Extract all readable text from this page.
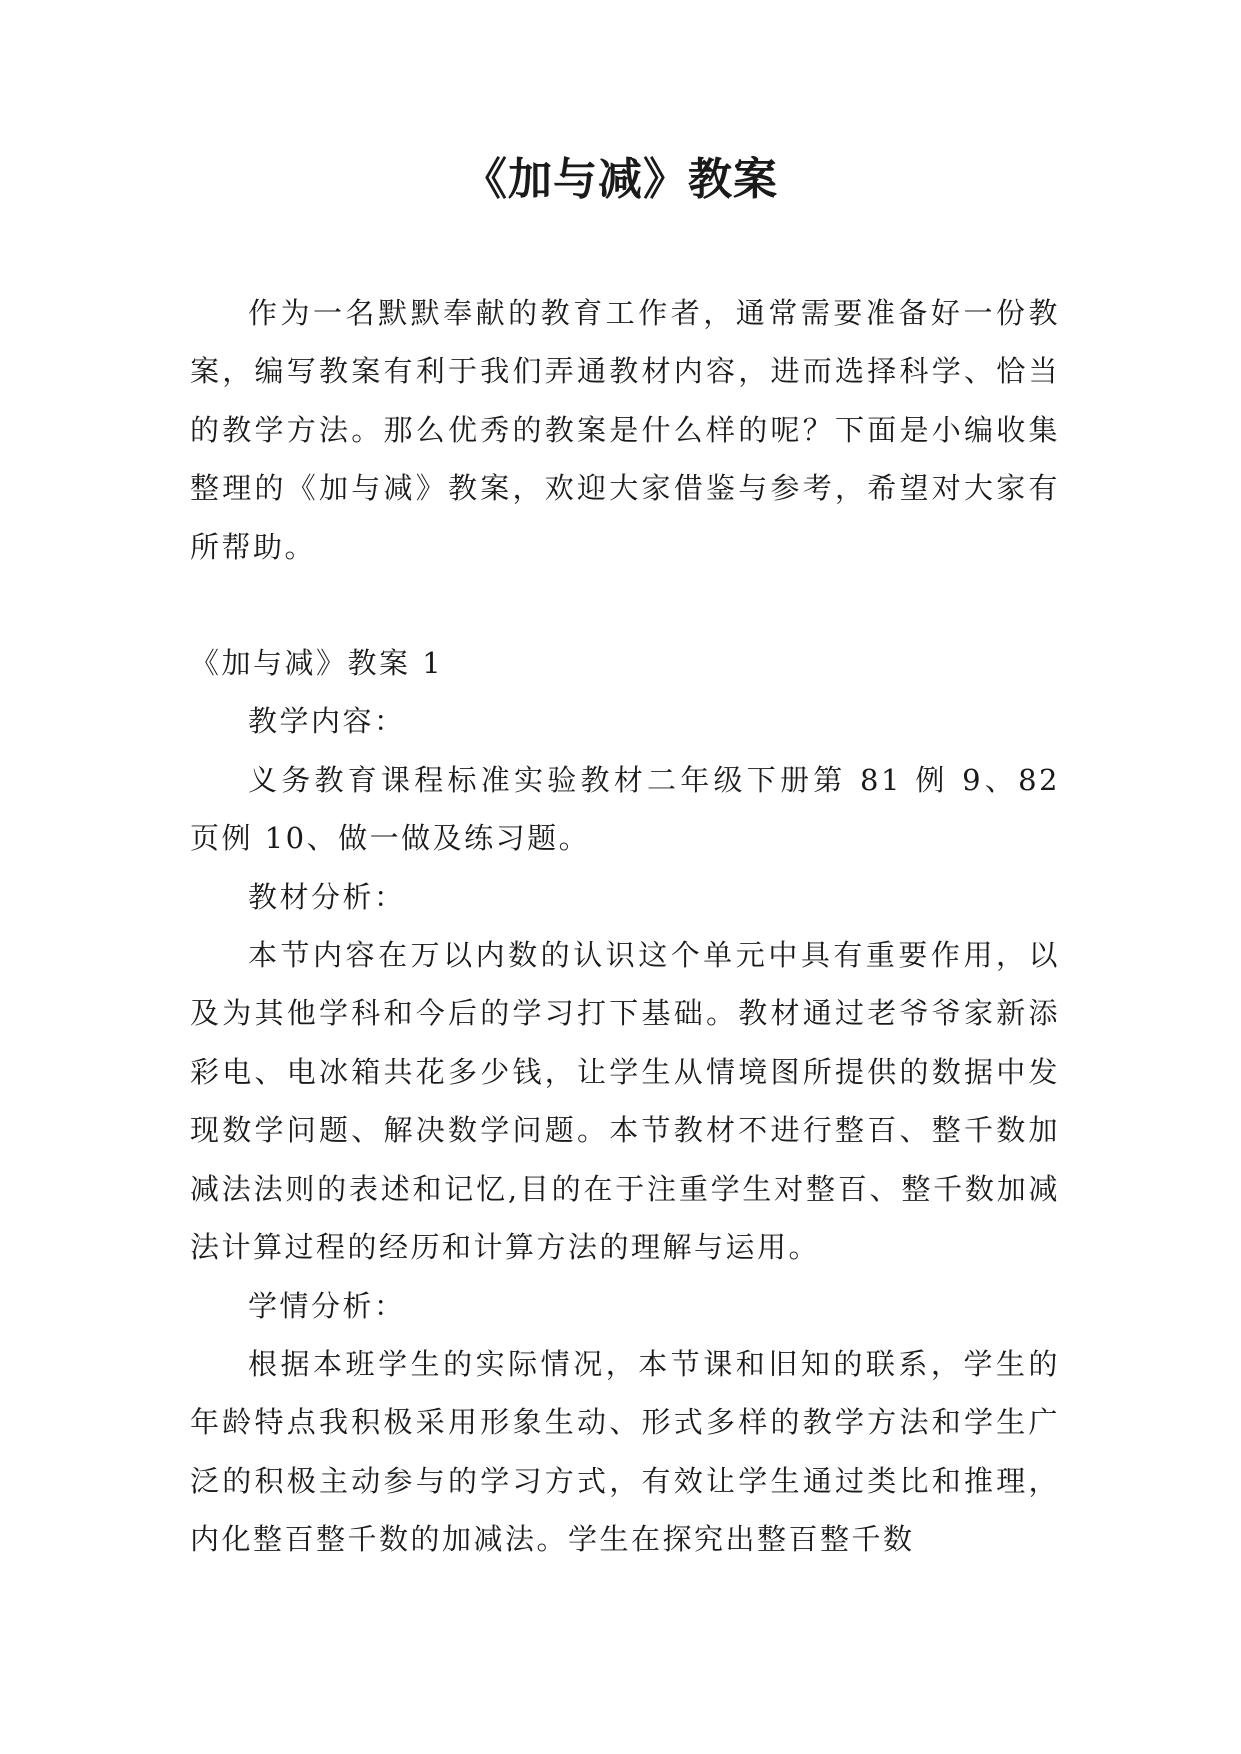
《加与减》教案

作为一名默默奉献的教育工作者，通常需要准备好一份教案，编写教案有利于我们弄通教材内容，进而选择科学、恰当的教学方法。那么优秀的教案是什么样的呢？下面是小编收集整理的《加与减》教案，欢迎大家借鉴与参考，希望对大家有所帮助。

《加与减》教案 1

教学内容：

义务教育课程标准实验教材二年级下册第 81 例 9、82 页例 10、做一做及练习题。

教材分析：

本节内容在万以内数的认识这个单元中具有重要作用，以及为其他学科和今后的学习打下基础。教材通过老爷爷家新添彩电、电冰箱共花多少钱，让学生从情境图所提供的数据中发现数学问题、解决数学问题。本节教材不进行整百、整千数加减法法则的表述和记忆,目的在于注重学生对整百、整千数加减法计算过程的经历和计算方法的理解与运用。

学情分析：

根据本班学生的实际情况，本节课和旧知的联系，学生的年龄特点我积极采用形象生动、形式多样的教学方法和学生广泛的积极主动参与的学习方式，有效让学生通过类比和推理，内化整百整千数的加减法。学生在探究出整百整千数
